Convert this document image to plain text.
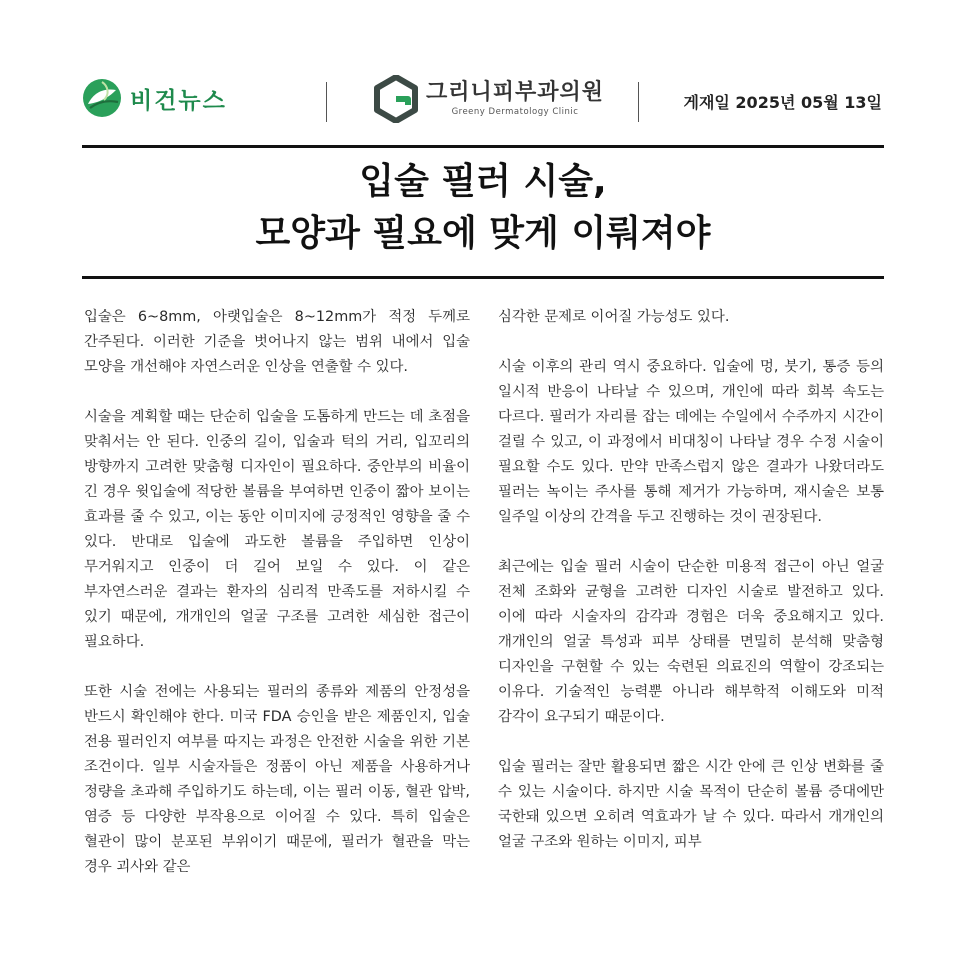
비건뉴스	그리니피부과의원
Greeny Dermatology Clinic	게재일 2025년 05월 13일
입술 필러 시술,
모양과 필요에 맞게 이뤄져야

입술은 6~8mm, 아랫입술은 8~12mm가 적정 두께로 간주된다. 이러한 기준을 벗어나지 않는 범위 내에서 입술 모양을 개선해야 자연스러운 인상을 연출할 수 있다.

시술을 계획할 때는 단순히 입술을 도톰하게 만드는 데 초점을 맞춰서는 안 된다. 인중의 길이, 입술과 턱의 거리, 입꼬리의 방향까지 고려한 맞춤형 디자인이 필요하다. 중안부의 비율이 긴 경우 윗입술에 적당한 볼륨을 부여하면 인중이 짧아 보이는 효과를 줄 수 있고, 이는 동안 이미지에 긍정적인 영향을 줄 수 있다. 반대로 입술에 과도한 볼륨을 주입하면 인상이 무거워지고 인중이 더 길어 보일 수 있다. 이 같은 부자연스러운 결과는 환자의 심리적 만족도를 저하시킬 수 있기 때문에, 개개인의 얼굴 구조를 고려한 세심한 접근이 필요하다.

또한 시술 전에는 사용되는 필러의 종류와 제품의 안정성을 반드시 확인해야 한다. 미국 FDA 승인을 받은 제품인지, 입술 전용 필러인지 여부를 따지는 과정은 안전한 시술을 위한 기본 조건이다. 일부 시술자들은 정품이 아닌 제품을 사용하거나 정량을 초과해 주입하기도 하는데, 이는 필러 이동, 혈관 압박, 염증 등 다양한 부작용으로 이어질 수 있다. 특히 입술은 혈관이 많이 분포된 부위이기 때문에, 필러가 혈관을 막는 경우 괴사와 같은

심각한 문제로 이어질 가능성도 있다.

시술 이후의 관리 역시 중요하다. 입술에 멍, 붓기, 통증 등의 일시적 반응이 나타날 수 있으며, 개인에 따라 회복 속도는 다르다. 필러가 자리를 잡는 데에는 수일에서 수주까지 시간이 걸릴 수 있고, 이 과정에서 비대칭이 나타날 경우 수정 시술이 필요할 수도 있다. 만약 만족스럽지 않은 결과가 나왔더라도 필러는 녹이는 주사를 통해 제거가 가능하며, 재시술은 보통 일주일 이상의 간격을 두고 진행하는 것이 권장된다.

최근에는 입술 필러 시술이 단순한 미용적 접근이 아닌 얼굴 전체 조화와 균형을 고려한 디자인 시술로 발전하고 있다. 이에 따라 시술자의 감각과 경험은 더욱 중요해지고 있다. 개개인의 얼굴 특성과 피부 상태를 면밀히 분석해 맞춤형 디자인을 구현할 수 있는 숙련된 의료진의 역할이 강조되는 이유다. 기술적인 능력뿐 아니라 해부학적 이해도와 미적 감각이 요구되기 때문이다.

입술 필러는 잘만 활용되면 짧은 시간 안에 큰 인상 변화를 줄 수 있는 시술이다. 하지만 시술 목적이 단순히 볼륨 증대에만 국한돼 있으면 오히려 역효과가 날 수 있다. 따라서 개개인의 얼굴 구조와 원하는 이미지, 피부
